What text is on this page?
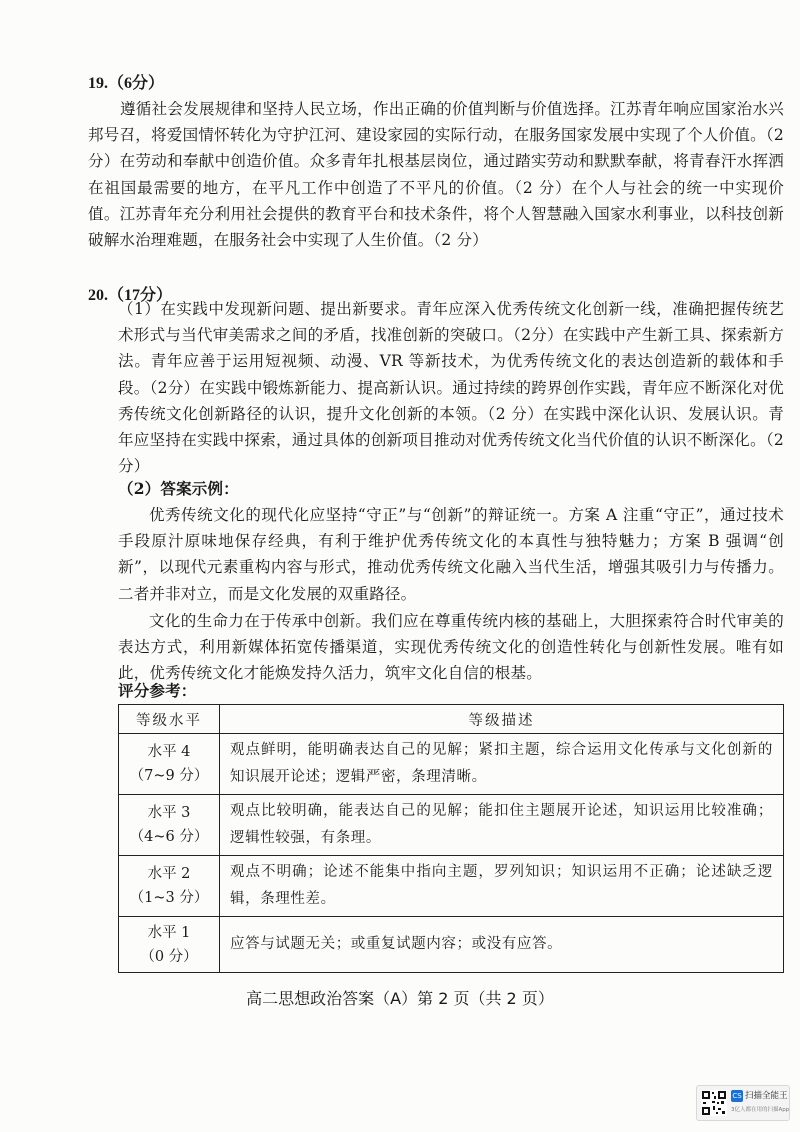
19.（6分）
遵循社会发展规律和坚持人民立场，作出正确的价值判断与价值选择。江苏青年响应国家治水兴邦号召，将爱国情怀转化为守护江河、建设家园的实际行动，在服务国家发展中实现了个人价值。（2 分）在劳动和奉献中创造价值。众多青年扎根基层岗位，通过踏实劳动和默默奉献，将青春汗水挥洒在祖国最需要的地方，在平凡工作中创造了不平凡的价值。（2 分）在个人与社会的统一中实现价值。江苏青年充分利用社会提供的教育平台和技术条件，将个人智慧融入国家水利事业，以科技创新破解水治理难题，在服务社会中实现了人生价值。（2 分）
20.（17分）
（1）在实践中发现新问题、提出新要求。青年应深入优秀传统文化创新一线，准确把握传统艺术形式与当代审美需求之间的矛盾，找准创新的突破口。（2分）在实践中产生新工具、探索新方法。青年应善于运用短视频、动漫、VR 等新技术，为优秀传统文化的表达创造新的载体和手段。（2分）在实践中锻炼新能力、提高新认识。通过持续的跨界创作实践，青年应不断深化对优秀传统文化创新路径的认识，提升文化创新的本领。（2 分）在实践中深化认识、发展认识。青年应坚持在实践中探索，通过具体的创新项目推动对优秀传统文化当代价值的认识不断深化。（2分）
（2）答案示例：
优秀传统文化的现代化应坚持“守正”与“创新”的辩证统一。方案 A 注重“守正”，通过技术手段原汁原味地保存经典，有利于维护优秀传统文化的本真性与独特魅力；方案 B 强调“创新”，以现代元素重构内容与形式，推动优秀传统文化融入当代生活，增强其吸引力与传播力。二者并非对立，而是文化发展的双重路径。
文化的生命力在于传承中创新。我们应在尊重传统内核的基础上，大胆探索符合时代审美的表达方式，利用新媒体拓宽传播渠道，实现优秀传统文化的创造性转化与创新性发展。唯有如此，优秀传统文化才能焕发持久活力，筑牢文化自信的根基。
评分参考：
等级水平	等级描述

水平 4
（7~9 分）	观点鲜明，能明确表达自己的见解；紧扣主题，综合运用文化传承与文化创新的知识展开论述；逻辑严密，条理清晰。

水平 3
（4~6 分）	观点比较明确，能表达自己的见解；能扣住主题展开论述，知识运用比较准确；逻辑性较强，有条理。

水平 2
（1~3 分）	观点不明确；论述不能集中指向主题，罗列知识；知识运用不正确；论述缺乏逻辑，条理性差。

水平 1
（0 分）	应答与试题无关；或重复试题内容；或没有应答。
高二思想政治答案（A）第 2 页（共 2 页）
CS 扫描全能王
3亿人都在用的扫描App
